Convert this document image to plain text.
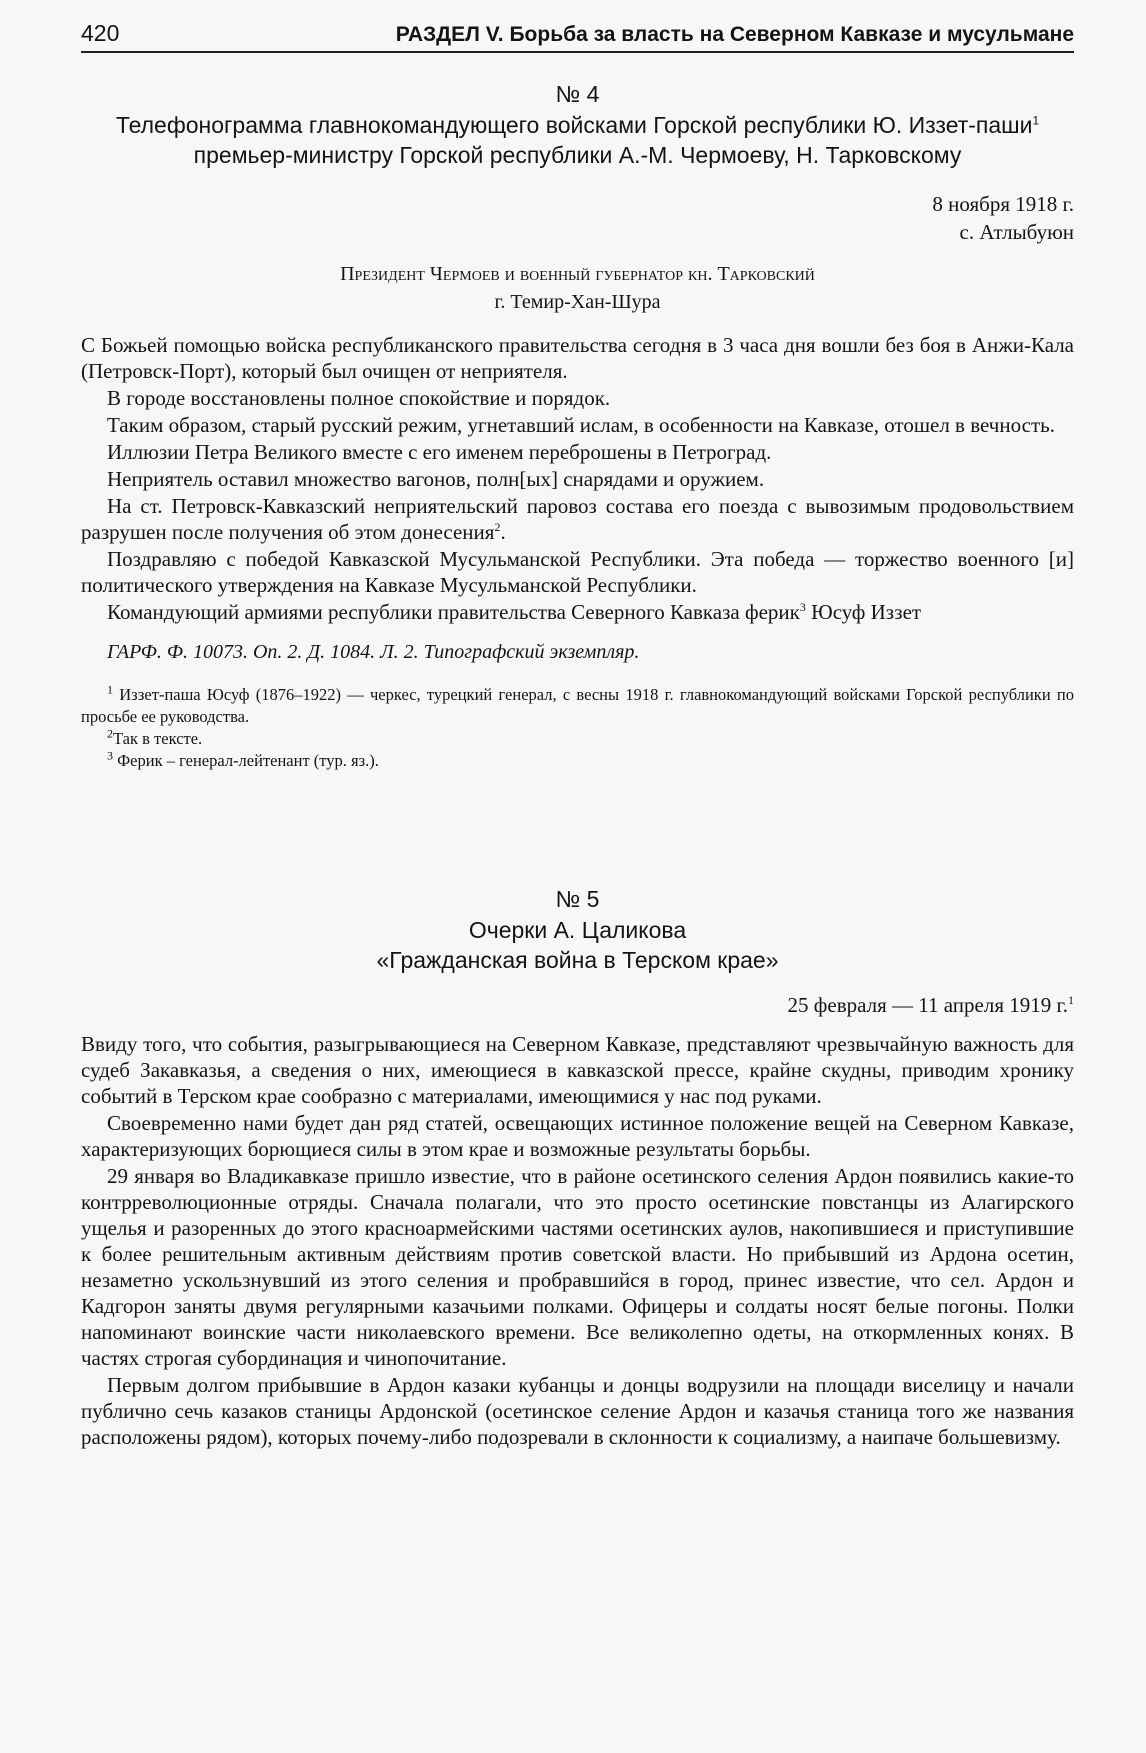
420	РАЗДЕЛ V. Борьба за власть на Северном Кавказе и мусульмане
№ 4
Телефонограмма главнокомандующего войсками Горской республики Ю. Иззет-паши$^1$
премьер-министру Горской республики А.-М. Чермоеву, Н. Тарковскому
8 ноября 1918 г.
с. Атлыбуюн
Президент Чермоев и военный губернатор кн. Тарковский
г. Темир-Хан-Шура

С Божьей помощью войска республиканского правительства сегодня в 3 часа дня вошли без боя в Анжи-Кала (Петровск-Порт), который был очищен от неприятеля.

В городе восстановлены полное спокойствие и порядок.

Таким образом, старый русский режим, угнетавший ислам, в особенности на Кавказе, отошел в вечность.

Иллюзии Петра Великого вместе с его именем переброшены в Петроград.

Неприятель оставил множество вагонов, полн[ых] снарядами и оружием.

На ст. Петровск-Кавказский неприятельский паровоз состава его поезда с вывозимым продовольствием разрушен после получения об этом донесения$^2$.

Поздравляю с победой Кавказской Мусульманской Республики. Эта победа — торжество военного [и] политического утверждения на Кавказе Мусульманской Республики.

Командующий армиями республики правительства Северного Кавказа ферик$^3$ Юсуф Иззет

ГАРФ. Ф. 10073. Оп. 2. Д. 1084. Л. 2. Типографский экземпляр.

$^1$ Иззет-паша Юсуф (1876–1922) — черкес, турецкий генерал, с весны 1918 г. главнокомандующий войсками Горской республики по просьбе ее руководства.

$^2$Так в тексте.

$^3$ Ферик – генерал-лейтенант (тур. яз.).

№ 5
Очерки А. Цаликова
«Гражданская война в Терском крае»
25 февраля — 11 апреля 1919 г.$^1$

Ввиду того, что события, разыгрывающиеся на Северном Кавказе, представляют чрезвычайную важность для судеб Закавказья, а сведения о них, имеющиеся в кавказской прессе, крайне скудны, приводим хронику событий в Терском крае сообразно с материалами, имеющимися у нас под руками.

Своевременно нами будет дан ряд статей, освещающих истинное положение вещей на Северном Кавказе, характеризующих борющиеся силы в этом крае и возможные результаты борьбы.

29 января во Владикавказе пришло известие, что в районе осетинского селения Ардон появились какие-то контрреволюционные отряды. Сначала полагали, что это просто осетинские повстанцы из Алагирского ущелья и разоренных до этого красноармейскими частями осетинских аулов, накопившиеся и приступившие к более решительным активным действиям против советской власти. Но прибывший из Ардона осетин, незаметно ускользнувший из этого селения и пробравшийся в город, принес известие, что сел. Ардон и Кадгорон заняты двумя регулярными казачьими полками. Офицеры и солдаты носят белые погоны. Полки напоминают воинские части николаевского времени. Все великолепно одеты, на откормленных конях. В частях строгая субординация и чинопочитание.

Первым долгом прибывшие в Ардон казаки кубанцы и донцы водрузили на площади виселицу и начали публично сечь казаков станицы Ардонской (осетинское селение Ардон и казачья станица того же названия расположены рядом), которых почему-либо подозревали в склонности к социализму, а наипаче большевизму.
